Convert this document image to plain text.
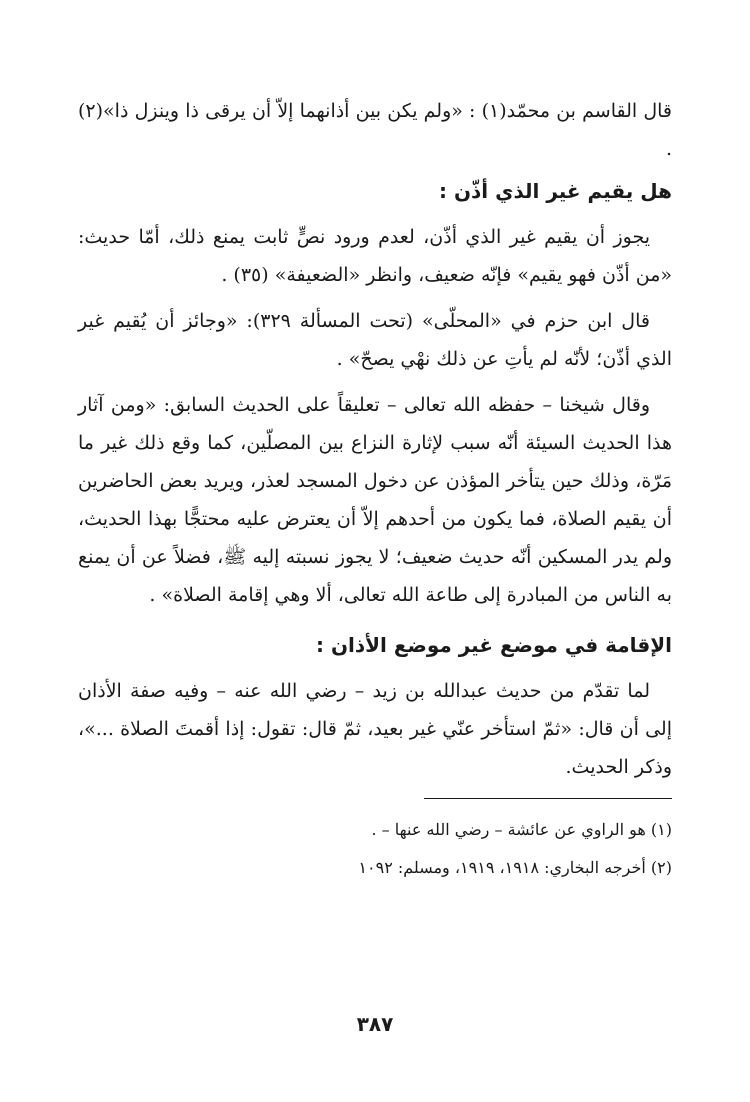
قال القاسم بن محمّد(١) : «ولم يكن بين أذانهما إلاّ أن يرقى ذا وينزل ذا»(٢) .

هل يقيم غير الذي أذّن :

يجوز أن يقيم غير الذي أذّن، لعدم ورود نصٍّ ثابت يمنع ذلك، أمّا حديث: «من أذّن فهو يقيم» فإنّه ضعيف، وانظر «الضعيفة» (٣٥) .

قال ابن حزم في «المحلّى» (تحت المسألة ٣٢٩): «وجائز أن يُقيم غير الذي أذّن؛ لأنّه لم يأتِ عن ذلك نهْي يصحّ» .

وقال شيخنا – حفظه الله تعالى – تعليقاً على الحديث السابق: «ومن آثار هذا الحديث السيئة أنّه سبب لإثارة النزاع بين المصلّين، كما وقع ذلك غير ما مَرّة، وذلك حين يتأخر المؤذن عن دخول المسجد لعذر، ويريد بعض الحاضرين أن يقيم الصلاة، فما يكون من أحدهم إلاّ أن يعترض عليه محتجًّا بهذا الحديث، ولم يدر المسكين أنّه حديث ضعيف؛ لا يجوز نسبته إليه ﷺ، فضلاً عن أن يمنع به الناس من المبادرة إلى طاعة الله تعالى، ألا وهي إقامة الصلاة» .

الإقامة في موضع غير موضع الأذان :

لما تقدّم من حديث عبدالله بن زيد – رضي الله عنه – وفيه صفة الأذان إلى أن قال: «ثمّ استأخر عنّي غير بعيد، ثمّ قال: تقول: إذا أقمتَ الصلاة ...»، وذكر الحديث.

(١) هو الراوي عن عائشة – رضي الله عنها – .

(٢) أخرجه البخاري: ١٩١٨، ١٩١٩، ومسلم: ١٠٩٢

٣٨٧
